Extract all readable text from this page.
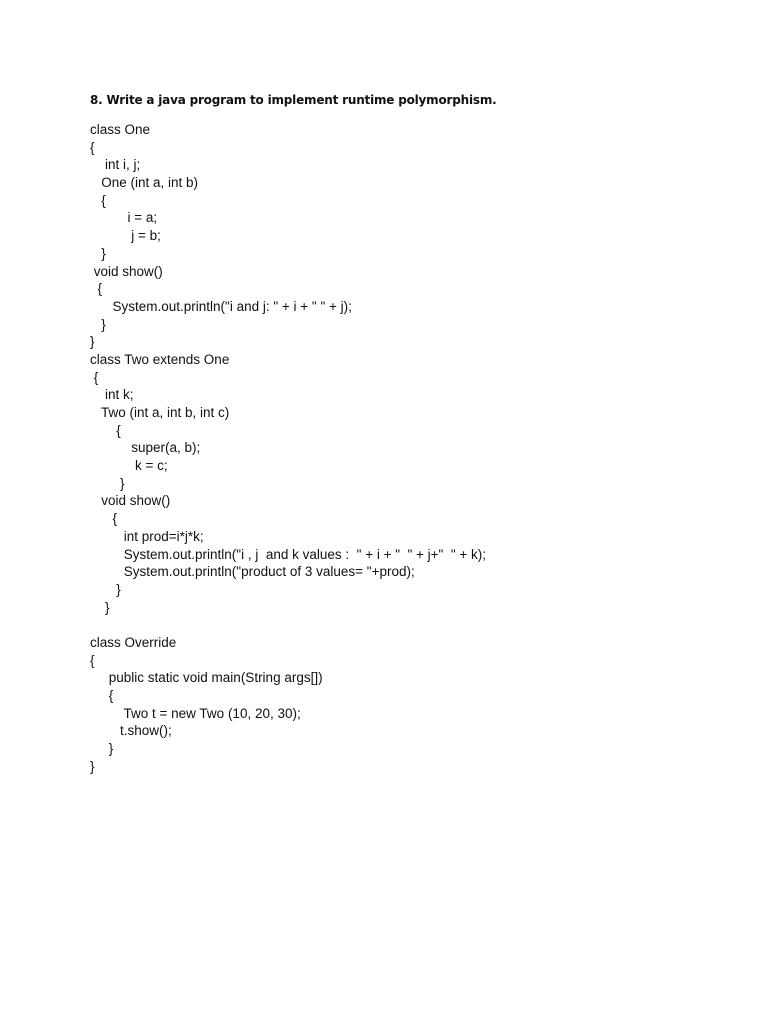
8. Write a java program to implement runtime polymorphism.
class One
{
int i, j;
One (int a, int b)
{
i = a;
j = b;
}
void show()
{
System.out.println("i and j: " + i + " " + j);
}
}
class Two extends One
{
int k;
Two (int a, int b, int c)
{
super(a, b);
k = c;
}
void show()
{
int prod=i*j*k;
System.out.println("i , j  and k values :  " + i + "  " + j+"  " + k);
System.out.println("product of 3 values= "+prod);
}
}
class Override
{
public static void main(String args[])
{
Two t = new Two (10, 20, 30);
t.show();
}
}
